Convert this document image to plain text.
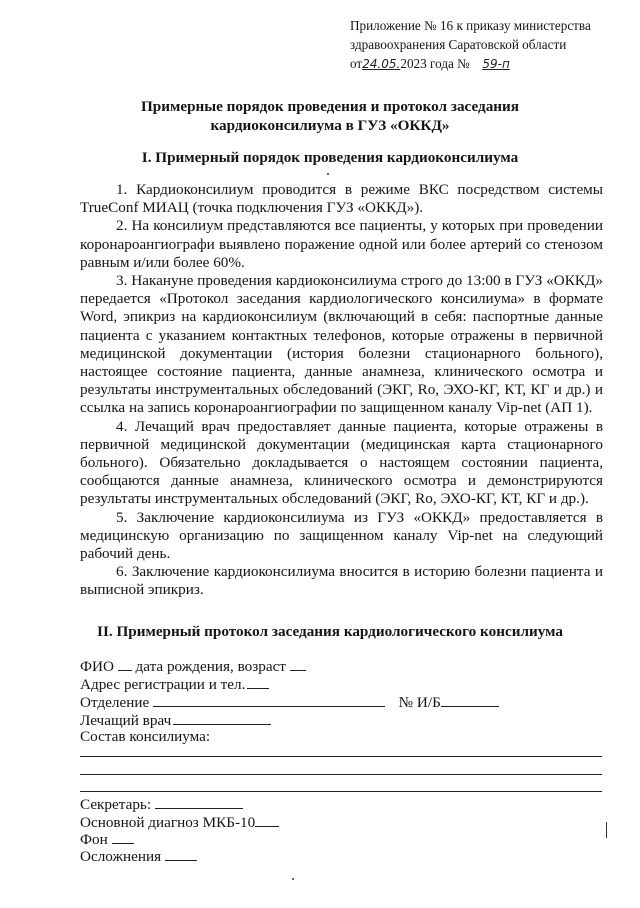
Приложение № 16 к приказу министерства
здравоохранения Саратовской области
от24.05.2023 года № 59-п
Примерные порядок проведения и протокол заседания
кардиоконсилиума в ГУЗ «ОККД»
I. Примерный порядок проведения кардиоконсилиума

1. Кардиоконсилиум проводится в режиме ВКС посредством системы TrueConf МИАЦ (точка подключения ГУЗ «ОККД»).

2. На консилиум представляются все пациенты, у которых при проведении коронароангиографи выявлено поражение одной или более артерий со стенозом равным и/или более 60%.

3. Накануне проведения кардиоконсилиума строго до 13:00 в ГУЗ «ОККД» передается «Протокол заседания кардиологического консилиума» в формате Word, эпикриз на кардиоконсилиум (включающий в себя: паспортные данные пациента с указанием контактных телефонов, которые отражены в первичной медицинской документации (история болезни стационарного больного), настоящее состояние пациента, данные анамнеза, клинического осмотра и результаты инструментальных обследований (ЭКГ, Ro, ЭХО-КГ, КТ, КГ и др.) и ссылка на запись коронароангиографии по защищенном каналу Vip-net (АП 1).

4. Лечащий врач предоставляет данные пациента, которые отражены в первичной медицинской документации (медицинская карта стационарного больного). Обязательно докладывается о настоящем состоянии пациента, сообщаются данные анамнеза, клинического осмотра и демонстрируются результаты инструментальных обследований (ЭКГ, Ro, ЭХО-КГ, КТ, КГ и др.).

5. Заключение кардиоконсилиума из ГУЗ «ОККД» предоставляется в медицинскую организацию по защищенном каналу Vip-net на следующий рабочий день.

6. Заключение кардиоконсилиума вносится в историю болезни пациента и выписной эпикриз.

II. Примерный протокол заседания кардиологического консилиума
ФИО дата рождения, возраст
Адрес регистрации и тел.
Отделение	№ И/Б
Лечащий врач
Состав консилиума:
Секретарь:
Основной диагноз МКБ-10
Фон
Осложнения
